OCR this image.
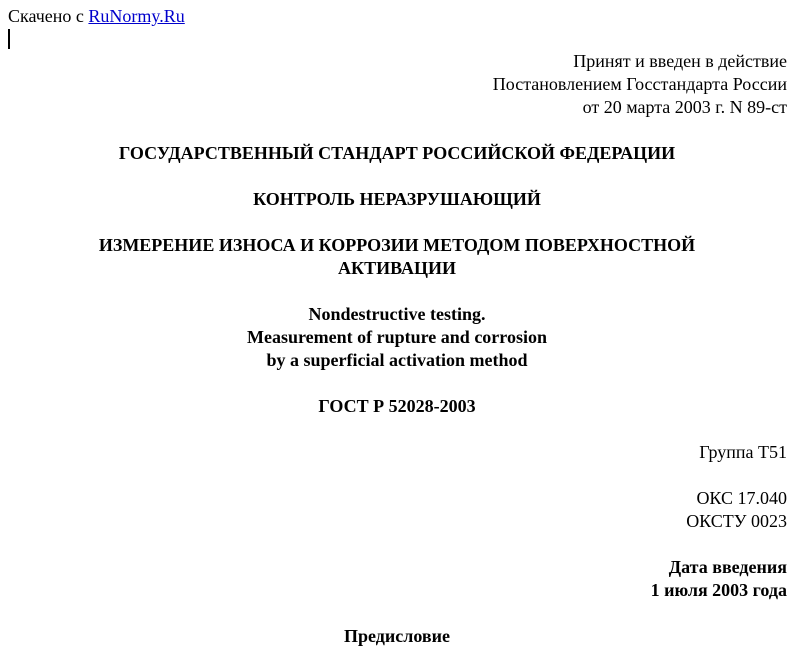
Скачено с RuNormy.Ru
Принят и введен в действие
Постановлением Госстандарта России
от 20 марта 2003 г. N 89-ст
ГОСУДАРСТВЕННЫЙ СТАНДАРТ РОССИЙСКОЙ ФЕДЕРАЦИИ
КОНТРОЛЬ НЕРАЗРУШАЮЩИЙ
ИЗМЕРЕНИЕ ИЗНОСА И КОРРОЗИИ МЕТОДОМ ПОВЕРХНОСТНОЙ
АКТИВАЦИИ
Nondestructive testing.
Measurement of rupture and corrosion
by a superficial activation method
ГОСТ Р 52028-2003
Группа Т51
ОКС 17.040
ОКСТУ 0023
Дата введения
1 июля 2003 года
Предисловие
